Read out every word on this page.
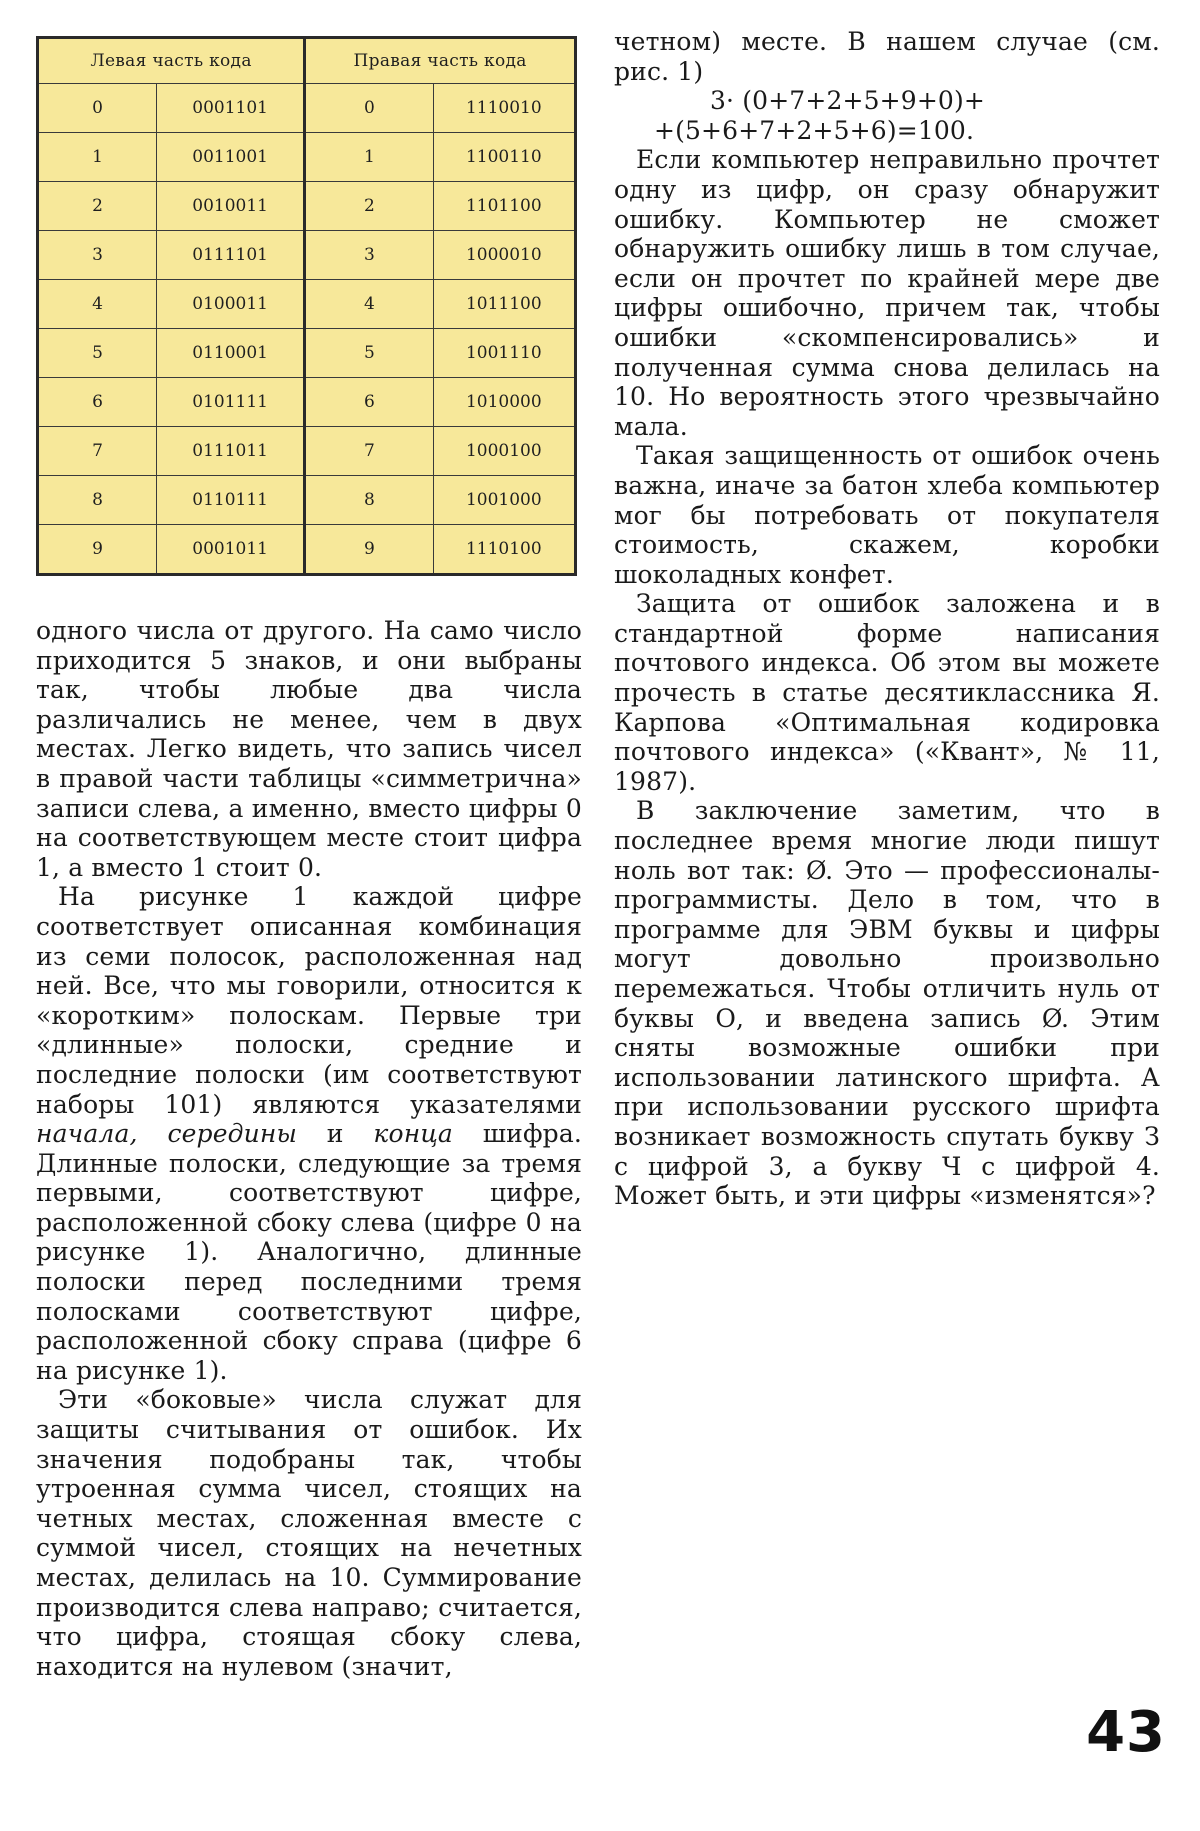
Левая часть кода		Правая часть кода	
0	0001101	0	1110010
1	0011001	1	1100110
2	0010011	2	1101100
3	0111101	3	1000010
4	0100011	4	1011100
5	0110001	5	1001110
6	0101111	6	1010000
7	0111011	7	1000100
8	0110111	8	1001000
9	0001011	9	1110100

одного числа от другого. На само число приходится 5 знаков, и они выбраны так, чтобы любые два числа различались не менее, чем в двух местах. Легко видеть, что запись чисел в правой части таблицы «симметрична» записи слева, а именно, вместо цифры 0 на соответствующем месте стоит цифра 1, а вместо 1 стоит 0.

На рисунке 1 каждой цифре соответствует описанная комбинация из семи полосок, расположенная над ней. Все, что мы говорили, относится к «коротким» полоскам. Первые три «длинные» полоски, средние и последние полоски (им соответствуют наборы 101) являются указателями начала, середины и конца шифра. Длинные полоски, следующие за тремя первыми, соответствуют цифре, расположенной сбоку слева (цифре 0 на рисунке 1). Аналогично, длинные полоски перед последними тремя полосками соответствуют цифре, расположенной сбоку справа (цифре 6 на рисунке 1).

Эти «боковые» числа служат для защиты считывания от ошибок. Их значения подобраны так, чтобы утроенная сумма чисел, стоящих на четных местах, сложенная вместе с суммой чисел, стоящих на нечетных местах, делилась на 10. Суммирование производится слева направо; считается, что цифра, стоящая сбоку слева, находится на нулевом (значит,

четном) месте. В нашем случае (см. рис. 1)

3· (0+7+2+5+9+0)+

+(5+6+7+2+5+6)=100.

Если компьютер неправильно прочтет одну из цифр, он сразу обнаружит ошибку. Компьютер не сможет обнаружить ошибку лишь в том случае, если он прочтет по крайней мере две цифры ошибочно, причем так, чтобы ошибки «скомпенсировались» и полученная сумма снова делилась на 10. Но вероятность этого чрезвычайно мала.

Такая защищенность от ошибок очень важна, иначе за батон хлеба компьютер мог бы потребовать от покупателя стоимость, скажем, коробки шоколадных конфет.

Защита от ошибок заложена и в стандартной форме написания почтового индекса. Об этом вы можете прочесть в статье десятиклассника Я. Карпова «Оптимальная кодировка почтового индекса» («Квант», № 11, 1987).

В заключение заметим, что в последнее время многие люди пишут ноль вот так: Ø. Это — профессионалы-программисты. Дело в том, что в программе для ЭВМ буквы и цифры могут довольно произвольно перемежаться. Чтобы отличить нуль от буквы О, и введена запись Ø. Этим сняты возможные ошибки при использовании латинского шрифта. А при использовании русского шрифта возникает возможность спутать букву З с цифрой 3, а букву Ч с цифрой 4. Может быть, и эти цифры «изменятся»?

43
